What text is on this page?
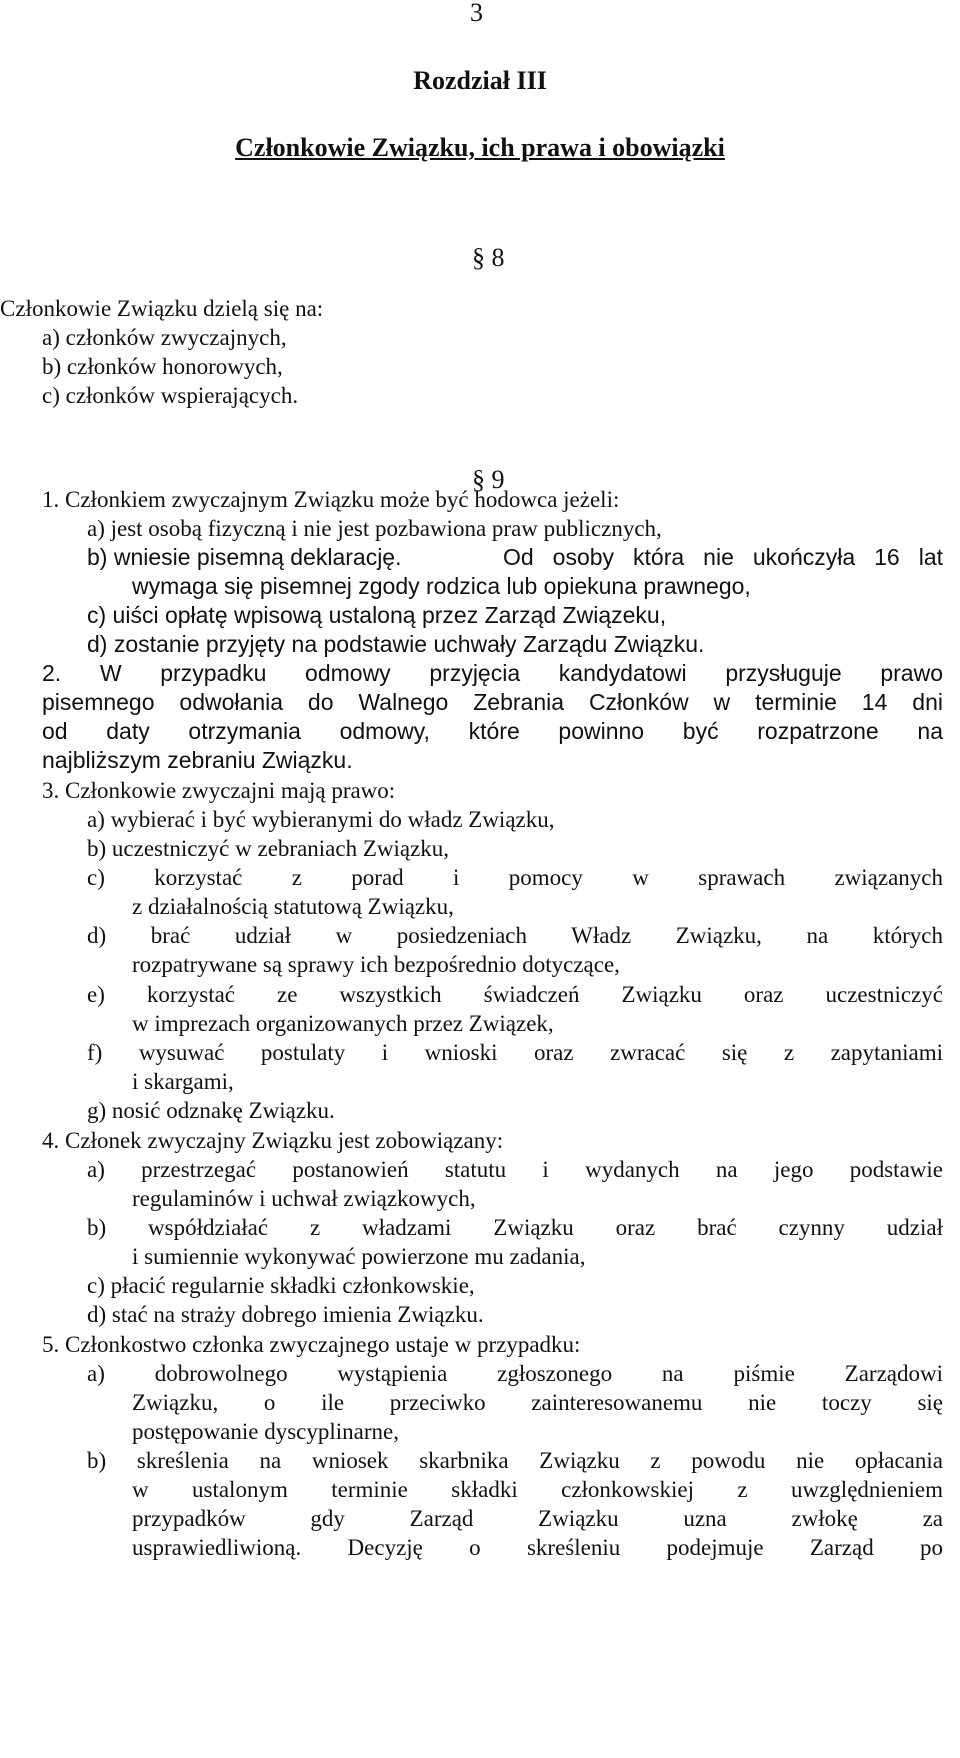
3
Rozdział III
Członkowie Związku, ich prawa i obowiązki
§ 8
Członkowie Związku dzielą się na:
a) członków zwyczajnych,
b) członków honorowych,
c) członków wspierających.
§ 9
1. Członkiem zwyczajnym Związku może być hodowca jeżeli:
a) jest osobą fizyczną i nie jest pozbawiona praw publicznych,
b) wniesie pisemną deklarację.	Od osoby która nie ukończyła 16 lat
wymaga się pisemnej zgody rodzica lub opiekuna prawnego,
c) uiści opłatę wpisową ustaloną przez Zarząd Związeku,
d) zostanie przyjęty na podstawie uchwały Zarządu Związku.
2. W przypadku odmowy przyjęcia kandydatowi przysługuje prawo
pisemnego odwołania do Walnego Zebrania Członków w terminie 14 dni
od daty otrzymania odmowy, które powinno być rozpatrzone na
najbliższym zebraniu Związku.
3. Członkowie zwyczajni mają prawo:
a) wybierać i być wybieranymi do władz Związku,
b) uczestniczyć w zebraniach Związku,
c) korzystać z porad i pomocy w sprawach związanych
z działalnością statutową Związku,
d) brać udział w posiedzeniach Władz Związku, na których
rozpatrywane są sprawy ich bezpośrednio dotyczące,
e) korzystać ze wszystkich świadczeń Związku oraz uczestniczyć
w imprezach organizowanych przez Związek,
f) wysuwać postulaty i wnioski oraz zwracać się z zapytaniami
i skargami,
g) nosić odznakę Związku.
4. Członek zwyczajny Związku jest zobowiązany:
a) przestrzegać postanowień statutu i wydanych na jego podstawie
regulaminów i uchwał związkowych,
b) współdziałać z władzami Związku oraz brać czynny udział
i sumiennie wykonywać powierzone mu zadania,
c) płacić regularnie składki członkowskie,
d) stać na straży dobrego imienia Związku.
5. Członkostwo członka zwyczajnego ustaje w przypadku:
a) dobrowolnego wystąpienia zgłoszonego na piśmie Zarządowi
Związku, o ile przeciwko zainteresowanemu nie toczy się
postępowanie dyscyplinarne,
b) skreślenia na wniosek skarbnika Związku z powodu nie opłacania
w ustalonym terminie składki członkowskiej z uwzględnieniem
przypadków gdy Zarząd Związku uzna zwłokę za
usprawiedliwioną. Decyzję o skreśleniu podejmuje Zarząd po
